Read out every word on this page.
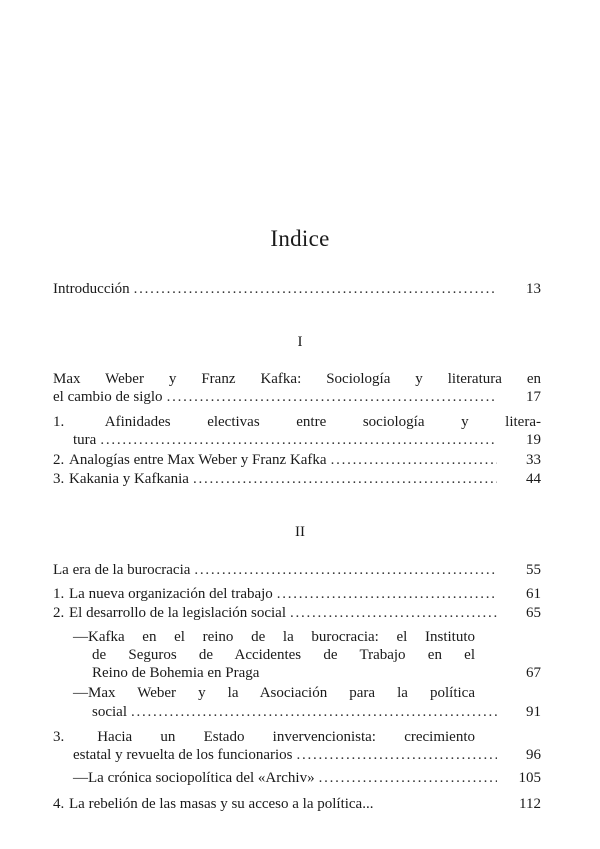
Indice
Introducción . . .	13
I
Max Weber y Franz Kafka: Sociología y literatura en
el cambio de siglo . . .	17
1.	Afinidades electivas entre sociología y litera-
tura . . .	19
2. Analogías entre Max Weber y Franz Kafka . . .	33
3. Kakania y Kafkania . . .	44
II
La era de la burocracia . . .	55
1. La nueva organización del trabajo . . .	61
2. El desarrollo de la legislación social . . .	65
—Kafka en el reino de la burocracia: el Instituto
de Seguros de Accidentes de Trabajo en el
Reino de Bohemia en Praga	67
—Max Weber y la Asociación para la política
social . . .	91
3. Hacia un Estado invervencionista: crecimiento
estatal y revuelta de los funcionarios . . .	96
—La crónica sociopolítica del «Archiv» . . .	105
4. La rebelión de las masas y su acceso a la política...	112
